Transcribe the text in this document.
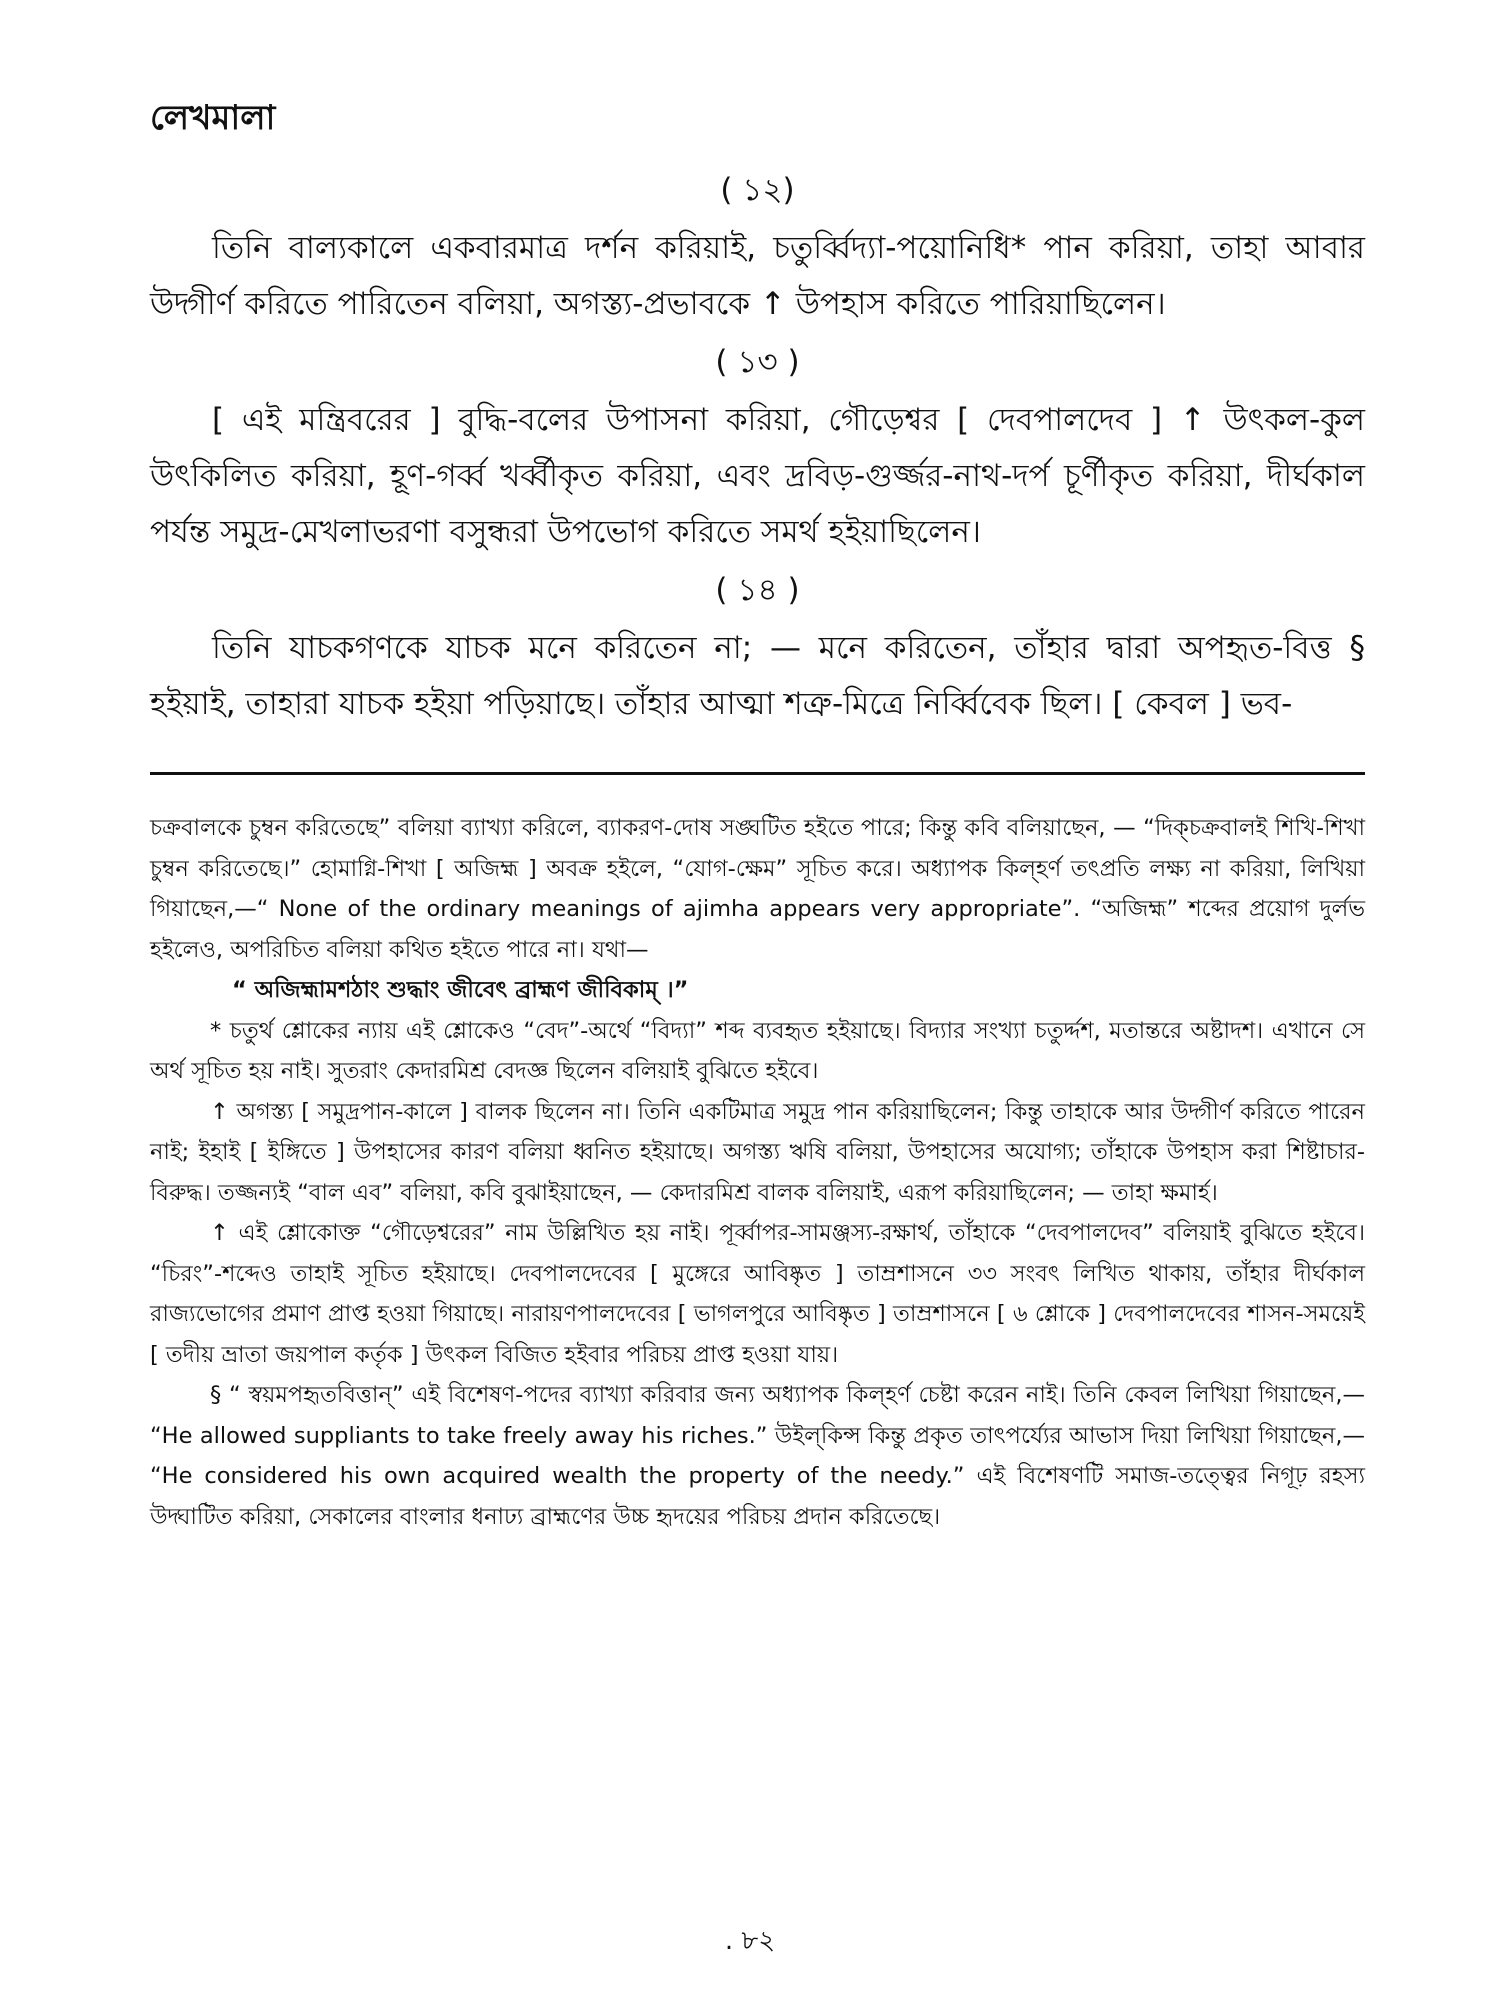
লেখমালা

( ১২)

তিনি বাল্যকালে একবারমাত্র দর্শন করিয়াই, চতুর্ব্বিদ্যা-পয়োনিধি* পান করিয়া, তাহা আবার উদ্গীর্ণ করিতে পারিতেন বলিয়া, অগস্ত্য-প্রভাবকে ↑ উপহাস করিতে পারিয়াছিলেন।

( ১৩ )

[ এই মন্ত্রিবরের ] বুদ্ধি-বলের উপাসনা করিয়া, গৌড়েশ্বর [ দেবপালদেব ] ↑ উৎকল-কুল উৎকিলিত করিয়া, হূণ-গর্ব্ব খর্ব্বীকৃত করিয়া, এবং দ্রবিড়-গুর্জ্জর-নাথ-দর্প চূর্ণীকৃত করিয়া, দীর্ঘকাল পর্যন্ত সমুদ্র-মেখলাভরণা বসুন্ধরা উপভোগ করিতে সমর্থ হইয়াছিলেন।

( ১৪ )

তিনি যাচকগণকে যাচক মনে করিতেন না; — মনে করিতেন, তাঁহার দ্বারা অপহৃত-বিত্ত § হইয়াই, তাহারা যাচক হইয়া পড়িয়াছে। তাঁহার আত্মা শত্রু-মিত্রে নির্ব্বিবেক ছিল। [ কেবল ] ভব-

চক্রবালকে চুম্বন করিতেছে” বলিয়া ব্যাখ্যা করিলে, ব্যাকরণ-দোষ সঙ্ঘটিত হইতে পারে; কিন্তু কবি বলিয়াছেন, — “দিক্‌চক্রবালই শিখি-শিখা চুম্বন করিতেছে।” হোমাগ্নি-শিখা [ অজিহ্ম ] অবক্র হইলে, “যোগ-ক্ষেম” সূচিত করে। অধ্যাপক কিল্‌হর্ণ তৎপ্রতি লক্ষ্য না করিয়া, লিখিয়া গিয়াছেন,—“ None of the ordinary meanings of ajimha appears very appropriate”. “অজিহ্ম” শব্দের প্রয়োগ দুর্লভ হইলেও, অপরিচিত বলিয়া কথিত হইতে পারে না। যথা—

“ অজিহ্মামশঠাং শুদ্ধাং জীবেৎ ব্রাহ্মণ জীবিকাম্‌ ।”

* চতুর্থ শ্লোকের ন্যায় এই শ্লোকেও “বেদ”-অর্থে “বিদ্যা” শব্দ ব্যবহৃত হইয়াছে। বিদ্যার সংখ্যা চতুর্দ্দশ, মতান্তরে অষ্টাদশ। এখানে সে অর্থ সূচিত হয় নাই। সুতরাং কেদারমিশ্র বেদজ্ঞ ছিলেন বলিয়াই বুঝিতে হইবে।

↑ অগস্ত্য [ সমুদ্রপান-কালে ] বালক ছিলেন না। তিনি একটিমাত্র সমুদ্র পান করিয়াছিলেন; কিন্তু তাহাকে আর উদ্গীর্ণ করিতে পারেন নাই; ইহাই [ ইঙ্গিতে ] উপহাসের কারণ বলিয়া ধ্বনিত হইয়াছে। অগস্ত্য ঋষি বলিয়া, উপহাসের অযোগ্য; তাঁহাকে উপহাস করা শিষ্টাচার-বিরুদ্ধ। তজ্জন্যই “বাল এব” বলিয়া, কবি বুঝাইয়াছেন, — কেদারমিশ্র বালক বলিয়াই, এরূপ করিয়াছিলেন; — তাহা ক্ষমার্হ।

↑ এই শ্লোকোক্ত “গৌড়েশ্বরের” নাম উল্লিখিত হয় নাই। পূর্ব্বাপর-সামঞ্জস্য-রক্ষার্থ, তাঁহাকে “দেবপালদেব” বলিয়াই বুঝিতে হইবে। “চিরং”-শব্দেও তাহাই সূচিত হইয়াছে। দেবপালদেবের [ মুঙ্গেরে আবিষ্কৃত ] তাম্রশাসনে ৩৩ সংবৎ লিখিত থাকায়, তাঁহার দীর্ঘকাল রাজ্যভোগের প্রমাণ প্রাপ্ত হওয়া গিয়াছে। নারায়ণপালদেবের [ ভাগলপুরে আবিষ্কৃত ] তাম্রশাসনে [ ৬ শ্লোকে ] দেবপালদেবের শাসন-সময়েই [ তদীয় ভ্রাতা জয়পাল কর্তৃক ] উৎকল বিজিত হইবার পরিচয় প্রাপ্ত হওয়া যায়।

§ “ স্বয়মপহৃতবিত্তান্‌” এই বিশেষণ-পদের ব্যাখ্যা করিবার জন্য অধ্যাপক কিল্‌হর্ণ চেষ্টা করেন নাই। তিনি কেবল লিখিয়া গিয়াছেন,— “He allowed suppliants to take freely away his riches.” উইল্‌কিন্স কিন্তু প্রকৃত তাৎপর্য্যের আভাস দিয়া লিখিয়া গিয়াছেন,— “He considered his own acquired wealth the property of the needy.” এই বিশেষণটি সমাজ-তত্ত্বের নিগূঢ় রহস্য উদ্ঘাটিত করিয়া, সেকালের বাংলার ধনাঢ্য ব্রাহ্মণের উচ্চ হৃদয়ের পরিচয় প্রদান করিতেছে।

. ৮২
